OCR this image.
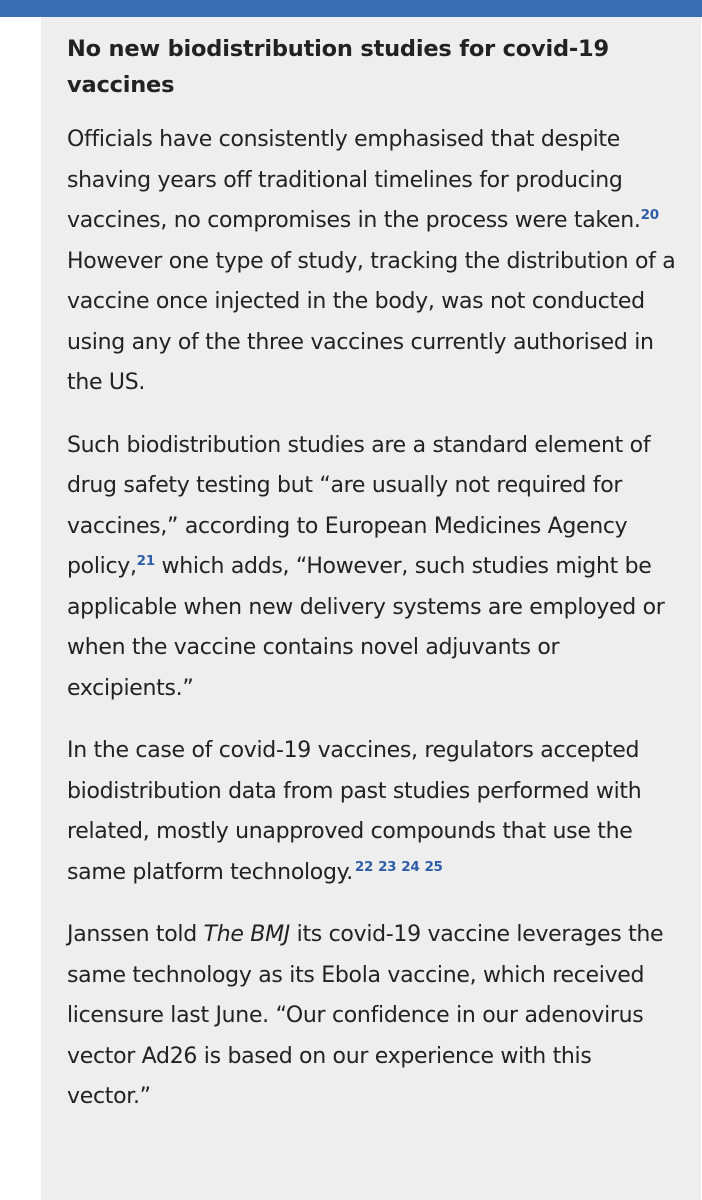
No new biodistribution studies for covid-19 vaccines

Officials have consistently emphasised that despite shaving years off traditional timelines for producing vaccines, no compromises in the process were taken.$^{20}$ However one type of study, tracking the distribution of a vaccine once injected in the body, was not conducted using any of the three vaccines currently authorised in the US.

Such biodistribution studies are a standard element of drug safety testing but “are usually not required for vaccines,” according to European Medicines Agency policy,$^{21}$ which adds, “However, such studies might be applicable when new delivery systems are employed or when the vaccine contains novel adjuvants or excipients.”

In the case of covid-19 vaccines, regulators accepted biodistribution data from past studies performed with related, mostly unapproved compounds that use the same platform technology. $^{22 23 24 25}$

Janssen told The BMJ its covid-19 vaccine leverages the same technology as its Ebola vaccine, which received licensure last June. “Our confidence in our adenovirus vector Ad26 is based on our experience with this vector.”
